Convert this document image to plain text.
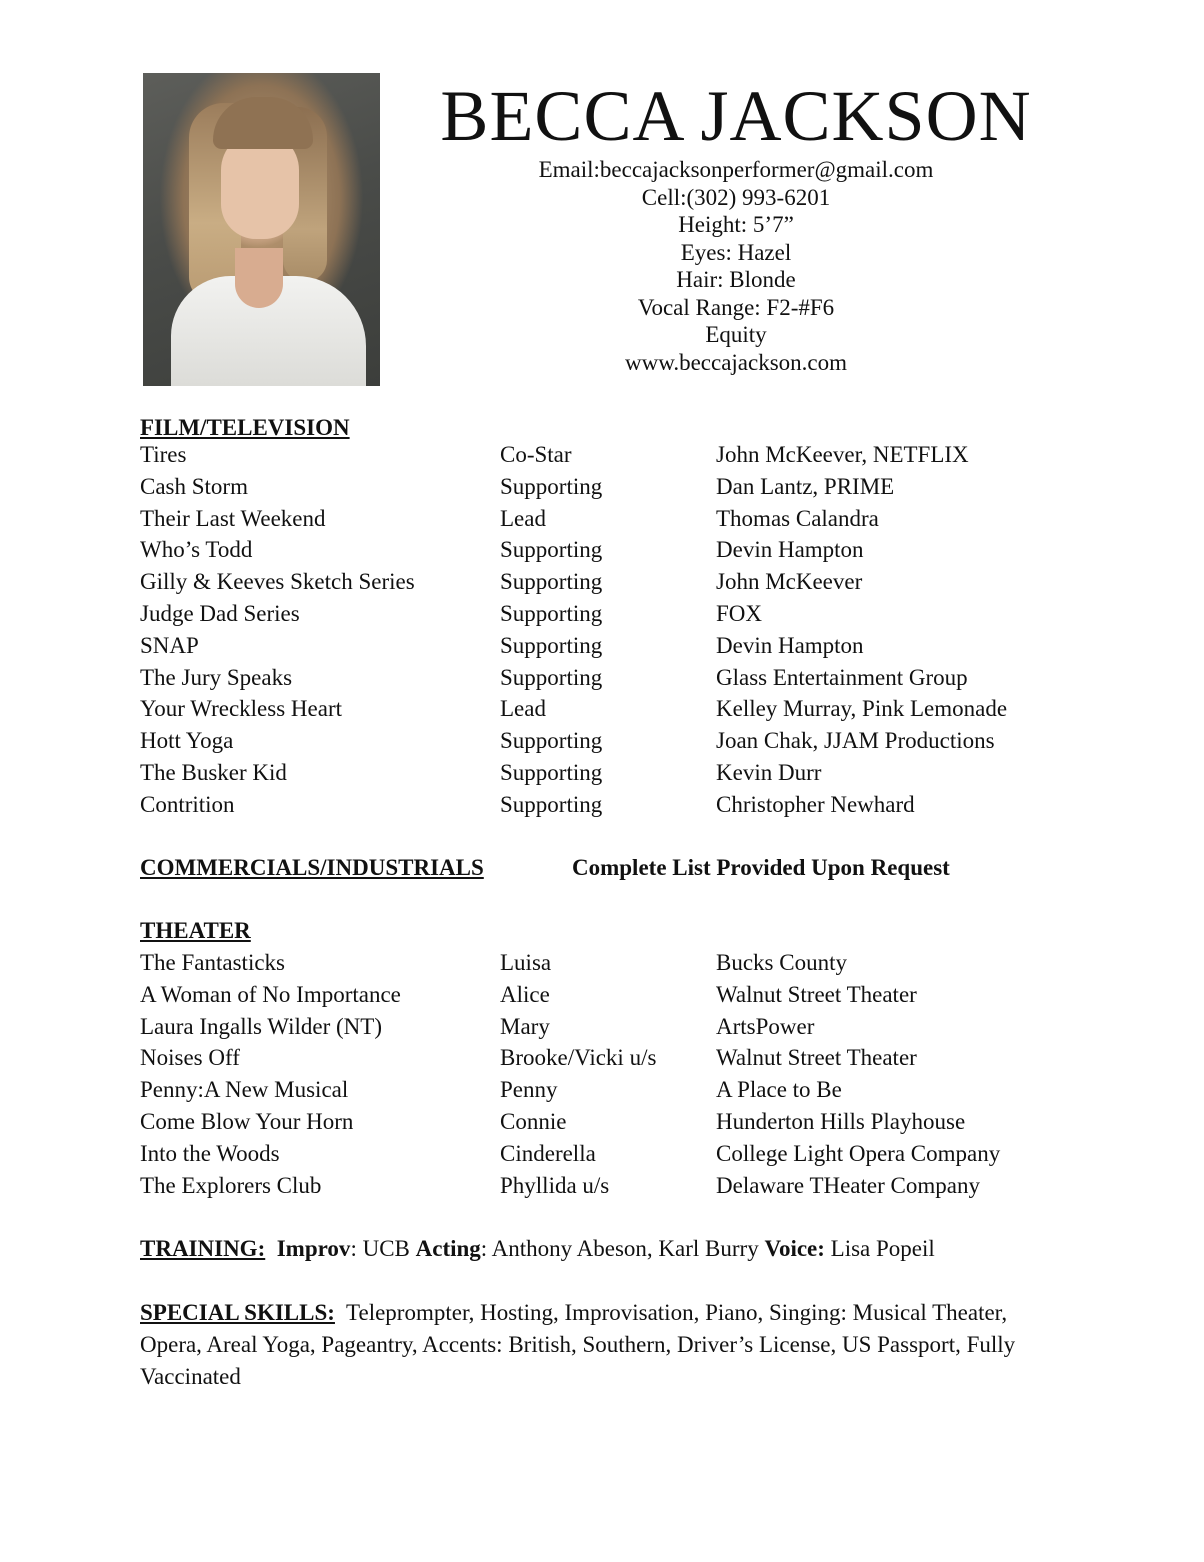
BECCA JACKSON
Email:beccajacksonperformer@gmail.com
Cell:(302) 993-6201
Height: 5’7”
Eyes: Hazel
Hair: Blonde
Vocal Range: F2-#F6
Equity
www.beccajackson.com
FILM/TELEVISION
Tires	Co-Star	John McKeever, NETFLIX
Cash Storm	Supporting	Dan Lantz, PRIME
Their Last Weekend	Lead	Thomas Calandra
Who’s Todd	Supporting	Devin Hampton
Gilly & Keeves Sketch Series	Supporting	John McKeever
Judge Dad Series	Supporting	FOX
SNAP	Supporting	Devin Hampton
The Jury Speaks	Supporting	Glass Entertainment Group
Your Wreckless Heart	Lead	Kelley Murray, Pink Lemonade
Hott Yoga	Supporting	Joan Chak, JJAM Productions
The Busker Kid	Supporting	Kevin Durr
Contrition	Supporting	Christopher Newhard
COMMERCIALS/INDUSTRIALS	Complete List Provided Upon Request
THEATER
The Fantasticks	Luisa	Bucks County
A Woman of No Importance	Alice	Walnut Street Theater
Laura Ingalls Wilder (NT)	Mary	ArtsPower
Noises Off	Brooke/Vicki u/s	Walnut Street Theater
Penny:A New Musical	Penny	A Place to Be
Come Blow Your Horn	Connie	Hunderton Hills Playhouse
Into the Woods	Cinderella	College Light Opera Company
The Explorers Club	Phyllida u/s	Delaware THeater Company
TRAINING: Improv: UCB Acting: Anthony Abeson, Karl Burry Voice: Lisa Popeil
SPECIAL SKILLS: Teleprompter, Hosting, Improvisation, Piano, Singing: Musical Theater, Opera, Areal Yoga, Pageantry, Accents: British, Southern, Driver’s License, US Passport, Fully Vaccinated
